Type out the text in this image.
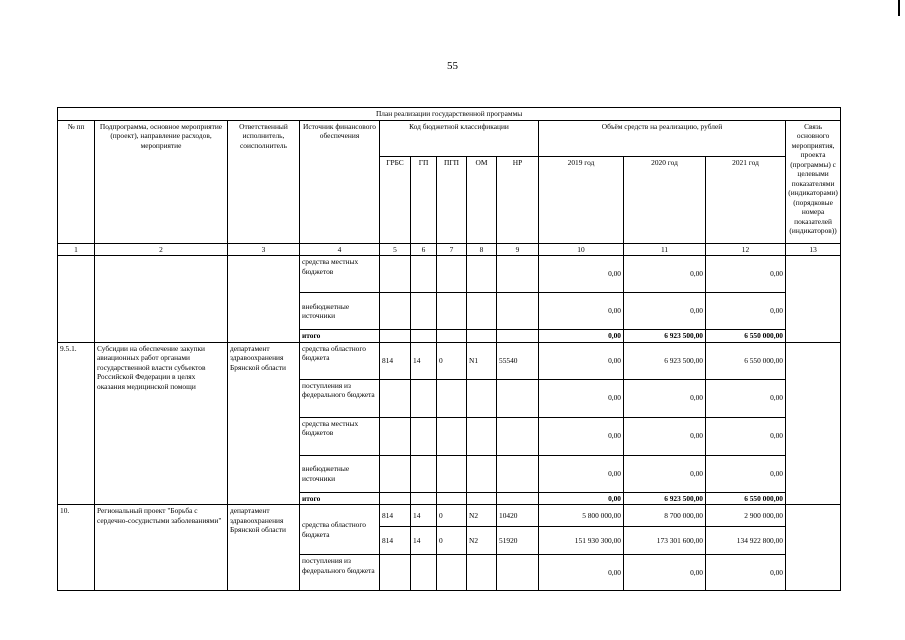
55
План реализации государственной программы												
№ пп	Подпрограмма, основное мероприятие (проект), направление расходов, мероприятие	Ответственный исполнитель, соисполнитель	Источник финансового обеспечения	Код бюджетной классификации					Объём средств на реализацию, рублей			Связь основного мероприятия, проекта (программы) с целевыми показателями (индикаторами) (порядковые номера показателей (индикаторов))
				ГРБС	ГП	ПГП	ОМ	НР	2019 год	2020 год	2021 год	
1	2	3	4	5	6	7	8	9	10	11	12	13
			средства местных бюджетов						0,00	0,00	0,00	
			внебюджетные источники						0,00	0,00	0,00	
			итого						0,00	6 923 500,00	6 550 000,00	
9.5.1.	Субсидии на обеспечение закупки авиационных работ органами государственной власти субъектов Российской Федерации в целях оказания медицинской помощи	департамент здравоохранения Брянской области	средства областного бюджета	814	14	0	N1	55540	0,00	6 923 500,00	6 550 000,00	
			поступления из федерального бюджета						0,00	0,00	0,00	
			средства местных бюджетов						0,00	0,00	0,00	
			внебюджетные источники						0,00	0,00	0,00	
			итого						0,00	6 923 500,00	6 550 000,00	
10.	Региональный проект "Борьба с сердечно-сосудистыми заболеваниями"	департамент здравоохранения Брянской области	средства областного бюджета	814	14	0	N2	10420	5 800 000,00	8 700 000,00	2 900 000,00	
				814	14	0	N2	51920	151 930 300,00	173 301 600,00	134 922 800,00	
			поступления из федерального бюджета						0,00	0,00	0,00	
